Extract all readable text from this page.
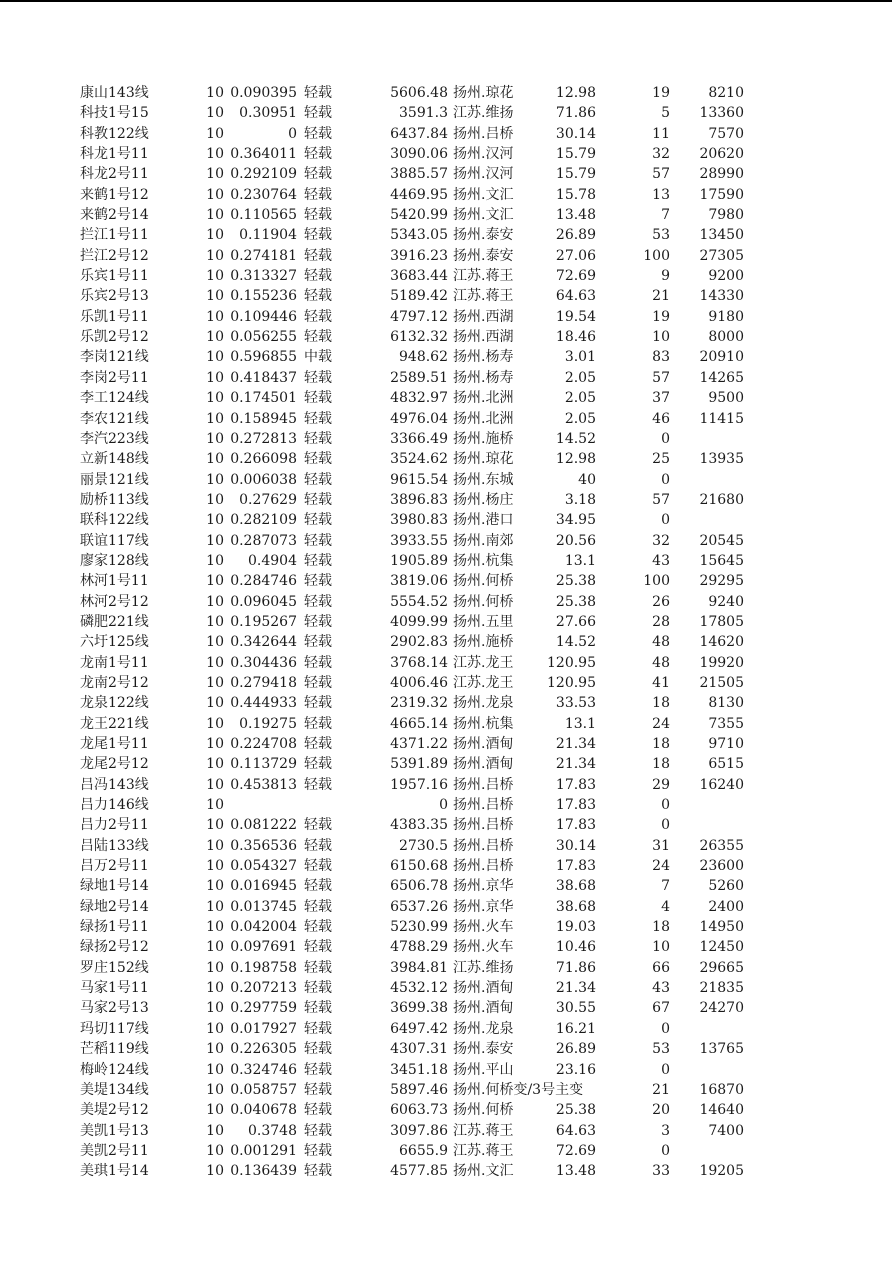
康山143线	10 0.090395 轻载	5606.48 扬州.琼花	12.98	19	8210
科技1号15	10	0.30951 轻载	3591.3 江苏.维扬	71.86	5	13360
科教122线	10	0 轻载	6437.84 扬州.吕桥	30.14	11	7570
科龙1号11	10 0.364011 轻载	3090.06 扬州.汉河	15.79	32	20620
科龙2号11	10 0.292109 轻载	3885.57 扬州.汉河	15.79	57	28990
来鹤1号12	10 0.230764 轻载	4469.95 扬州.文汇	15.78	13	17590
来鹤2号14	10 0.110565 轻载	5420.99 扬州.文汇	13.48	7	7980
拦江1号11	10	0.11904 轻载	5343.05 扬州.泰安	26.89	53	13450
拦江2号12	10 0.274181 轻载	3916.23 扬州.泰安	27.06	100	27305
乐宾1号11	10 0.313327 轻载	3683.44 江苏.蒋王	72.69	9	9200
乐宾2号13	10 0.155236 轻载	5189.42 江苏.蒋王	64.63	21	14330
乐凯1号11	10 0.109446 轻载	4797.12 扬州.西湖	19.54	19	9180
乐凯2号12	10 0.056255 轻载	6132.32 扬州.西湖	18.46	10	8000
李岗121线	10 0.596855 中载	948.62 扬州.杨寿	3.01	83	20910
李岗2号11	10 0.418437 轻载	2589.51 扬州.杨寿	2.05	57	14265
李工124线	10 0.174501 轻载	4832.97 扬州.北洲	2.05	37	9500
李农121线	10 0.158945 轻载	4976.04 扬州.北洲	2.05	46	11415
李汽223线	10 0.272813 轻载	3366.49 扬州.施桥	14.52	0
立新148线	10 0.266098 轻载	3524.62 扬州.琼花	12.98	25	13935
丽景121线	10 0.006038 轻载	9615.54 扬州.东城	40	0
励桥113线	10	0.27629 轻载	3896.83 扬州.杨庄	3.18	57	21680
联科122线	10 0.282109 轻载	3980.83 扬州.港口	34.95	0
联谊117线	10 0.287073 轻载	3933.55 扬州.南郊	20.56	32	20545
廖家128线	10	0.4904 轻载	1905.89 扬州.杭集	13.1	43	15645
林河1号11	10 0.284746 轻载	3819.06 扬州.何桥	25.38	100	29295
林河2号12	10 0.096045 轻载	5554.52 扬州.何桥	25.38	26	9240
磷肥221线	10 0.195267 轻载	4099.99 扬州.五里	27.66	28	17805
六圩125线	10 0.342644 轻载	2902.83 扬州.施桥	14.52	48	14620
龙南1号11	10 0.304436 轻载	3768.14 江苏.龙王	120.95	48	19920
龙南2号12	10 0.279418 轻载	4006.46 江苏.龙王	120.95	41	21505
龙泉122线	10 0.444933 轻载	2319.32 扬州.龙泉	33.53	18	8130
龙王221线	10	0.19275 轻载	4665.14 扬州.杭集	13.1	24	7355
龙尾1号11	10 0.224708 轻载	4371.22 扬州.酒甸	21.34	18	9710
龙尾2号12	10 0.113729 轻载	5391.89 扬州.酒甸	21.34	18	6515
吕冯143线	10 0.453813 轻载	1957.16 扬州.吕桥	17.83	29	16240
吕力146线	10	0 扬州.吕桥	17.83	0
吕力2号11	10 0.081222 轻载	4383.35 扬州.吕桥	17.83	0
吕陆133线	10 0.356536 轻载	2730.5 扬州.吕桥	30.14	31	26355
吕万2号11	10 0.054327 轻载	6150.68 扬州.吕桥	17.83	24	23600
绿地1号14	10 0.016945 轻载	6506.78 扬州.京华	38.68	7	5260
绿地2号14	10 0.013745 轻载	6537.26 扬州.京华	38.68	4	2400
绿扬1号11	10 0.042004 轻载	5230.99 扬州.火车	19.03	18	14950
绿扬2号12	10 0.097691 轻载	4788.29 扬州.火车	10.46	10	12450
罗庄152线	10 0.198758 轻载	3984.81 江苏.维扬	71.86	66	29665
马家1号11	10 0.207213 轻载	4532.12 扬州.酒甸	21.34	43	21835
马家2号13	10 0.297759 轻载	3699.38 扬州.酒甸	30.55	67	24270
玛切117线	10 0.017927 轻载	6497.42 扬州.龙泉	16.21	0
芒稻119线	10 0.226305 轻载	4307.31 扬州.泰安	26.89	53	13765
梅岭124线	10 0.324746 轻载	3451.18 扬州.平山	23.16	0
美堤134线	10 0.058757 轻载	5897.46 扬州.何桥变/3号主变	21	16870
美堤2号12	10 0.040678 轻载	6063.73 扬州.何桥	25.38	20	14640
美凯1号13	10	0.3748 轻载	3097.86 江苏.蒋王	64.63	3	7400
美凯2号11	10 0.001291 轻载	6655.9 江苏.蒋王	72.69	0
美琪1号14	10 0.136439 轻载	4577.85 扬州.文汇	13.48	33	19205
